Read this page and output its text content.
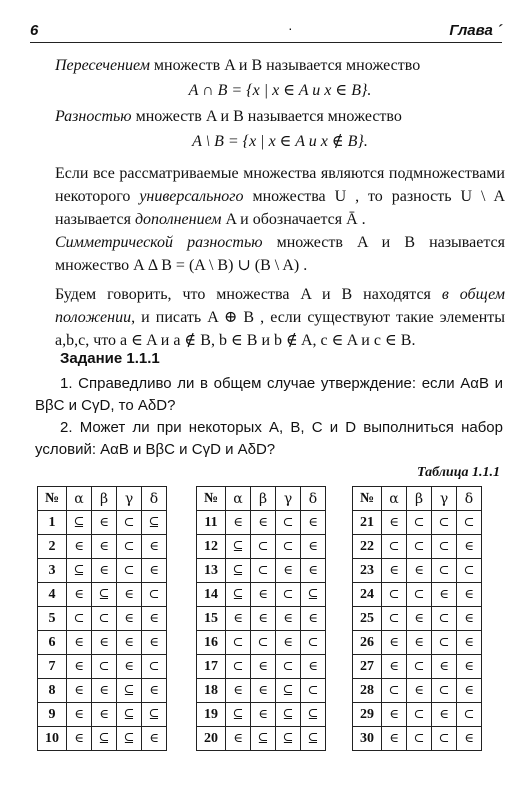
6	·	Глава ´

Пересечением множеств A и B называется множество

A ∩ B = {x | x ∈ A и x ∈ B}.

Разностью множеств A и B называется множество

A \ B = {x | x ∈ A и x ∉ B}.

Если все рассматриваемые множества являются подмножествами некоторого универсального множества U , то разность U \ A называется дополнением A и обозначается Ā .

Симметрической разностью множеств A и B называется множество A Δ B = (A \ B) ∪ (B \ A) .

Будем говорить, что множества A и B находятся в общем положении, и писать A ⊕ B , если существуют такие элементы a,b,c, что a ∈ A и a ∉ B, b ∈ B и b ∉ A, c ∈ A и c ∈ B.

Задание 1.1.1

1. Справедливо ли в общем случае утверждение: если AαB и BβC и CγD, то AδD?

2. Может ли при некоторых A, B, C и D выполниться набор условий: AαB и BβC и CγD и AδD?

Таблица 1.1.1
№	α	β	γ	δ
1	⊆	∈	⊂	⊆
2	∈	∈	⊂	∈
3	⊆	∈	⊂	∈
4	∈	⊆	∈	⊂
5	⊂	⊂	∈	∈
6	∈	∈	∈	∈
7	∈	⊂	∈	⊂
8	∈	∈	⊆	∈
9	∈	∈	⊆	⊆
10	∈	⊆	⊆	∈
№	α	β	γ	δ
11	∈	∈	⊂	∈
12	⊆	⊂	⊂	∈
13	⊆	⊂	∈	∈
14	⊆	∈	⊂	⊆
15	∈	∈	∈	∈
16	⊂	⊂	∈	⊂
17	⊂	∈	⊂	∈
18	∈	∈	⊆	⊂
19	⊆	∈	⊆	⊆
20	∈	⊆	⊆	⊆
№	α	β	γ	δ
21	∈	⊂	⊂	⊂
22	⊂	⊂	⊂	∈
23	∈	∈	⊂	⊂
24	⊂	⊂	∈	∈
25	⊂	∈	⊂	∈
26	∈	∈	⊂	∈
27	∈	⊂	∈	∈
28	⊂	∈	⊂	∈
29	∈	⊂	∈	⊂
30	∈	⊂	⊂	∈
